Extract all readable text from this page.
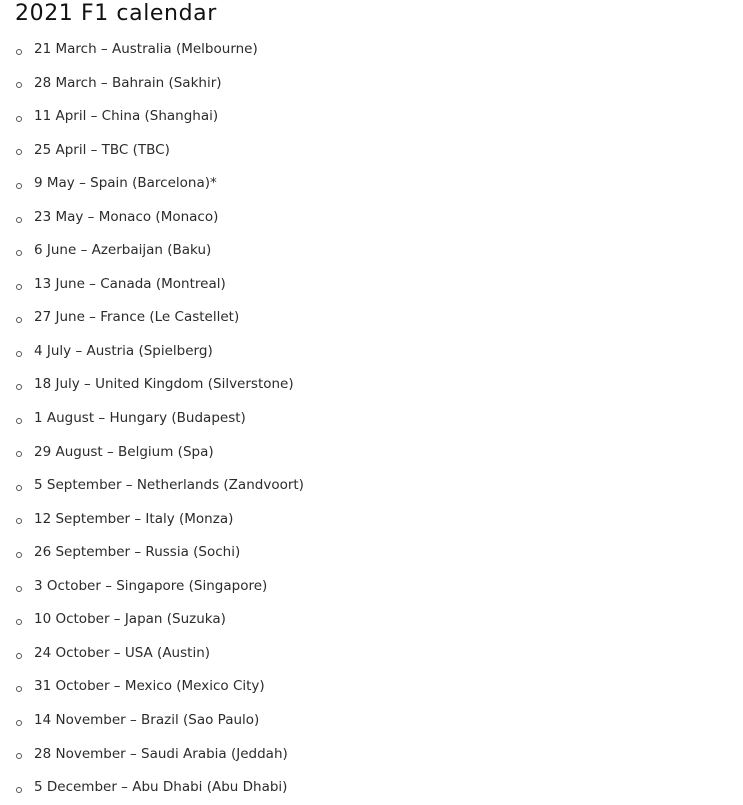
2021 F1 calendar
21 March – Australia (Melbourne)
28 March – Bahrain (Sakhir)
11 April – China (Shanghai)
25 April – TBC (TBC)
9 May – Spain (Barcelona)*
23 May – Monaco (Monaco)
6 June – Azerbaijan (Baku)
13 June – Canada (Montreal)
27 June – France (Le Castellet)
4 July – Austria (Spielberg)
18 July – United Kingdom (Silverstone)
1 August – Hungary (Budapest)
29 August – Belgium (Spa)
5 September – Netherlands (Zandvoort)
12 September – Italy (Monza)
26 September – Russia (Sochi)
3 October – Singapore (Singapore)
10 October – Japan (Suzuka)
24 October – USA (Austin)
31 October – Mexico (Mexico City)
14 November – Brazil (Sao Paulo)
28 November – Saudi Arabia (Jeddah)
5 December – Abu Dhabi (Abu Dhabi)
